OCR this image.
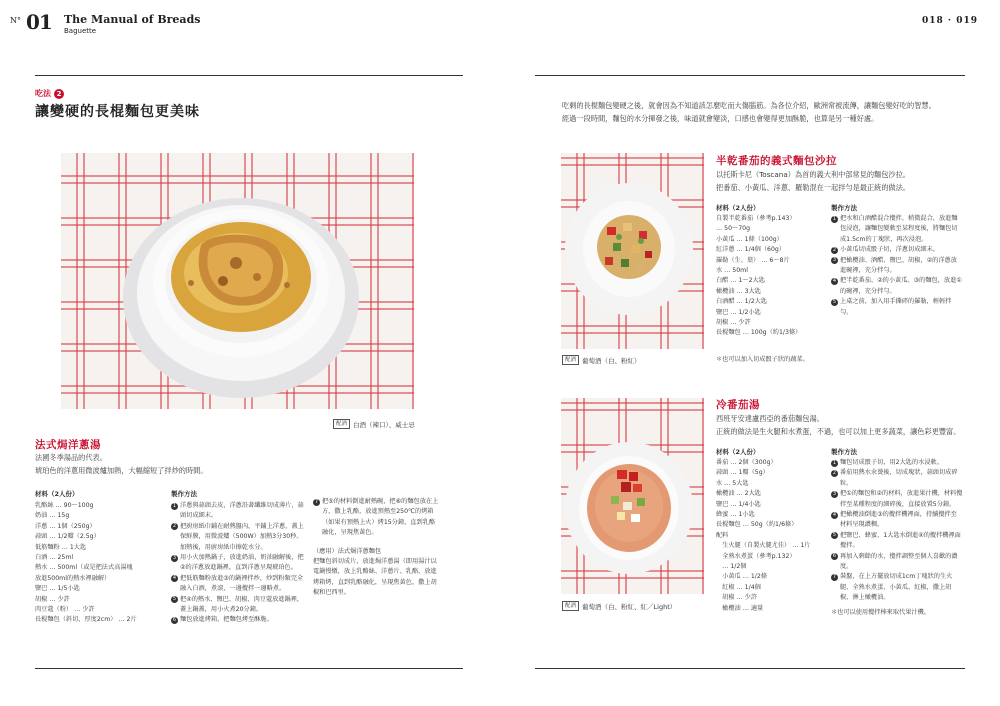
N° 01 The Manual of Breads
Baguette
018 · 019
吃法 2
讓變硬的長棍麵包更美味
配酒 白酒（辣口）、威士忌
法式焗洋蔥湯
法國冬季湯品的代表。
琥珀色的洋蔥用微波爐加熱，大幅縮短了拌炒的時間。
材料（2人份）
乳酪絲 … 90～100g
奶油 … 15g
洋蔥 … 1個（250g）
蒜頭 … 1/2瓣（2.5g）
低筋麵粉 … 1大匙
白酒 … 25ml
熱水 … 500ml（或是把法式高湯塊
放進500ml的熱水裡融解）
鹽巴 … 1/5小匙
胡椒 … 少許
肉豆蔻（粉） … 少許
長棍麵包（斜切、厚度2cm） … 2片
製作方法
1 洋蔥與蒜頭去皮，洋蔥沿著纖維切成薄片，蒜頭切成細末。
2 把廚房紙巾鋪在耐熱盤內，平鋪上洋蔥，蓋上保鮮膜，用微波爐（500W）加熱3分30秒。加熱後，用廚房紙巾擦乾水分。
3 用小火加熱鍋子，放進奶油，奶油融解後，把②的洋蔥放進鍋裡，直到洋蔥呈現琥珀色。
4 把低筋麵粉放進③的鍋裡拌炒，炒到粉類完全融入白酒，煮滾，一邊攪拌一邊略煮。
5 把④的熱水、鹽巴、胡椒、肉豆蔻放進鍋裡，蓋上鍋蓋，用小火煮20分鐘。
6 麵包放進烤箱，把麵包烤至酥脆。
7 把⑤的材料倒進耐熱碗，把⑥的麵包放在上方，撒上乳酪，放進預熱至250℃的烤箱（如果有預熱上火）烤15分鐘，直到乳酪融化，呈現焦黃色。
（應用）法式焗洋蔥麵包
把麵包斜切成片，放進焗洋蔥湯（即用湯汁以電鍋慢燉，放上乳酪絲、洋蔥片、乳酪，放進烤箱烤，直到乳酪融化，呈現焦黃色，撒上胡椒和巴西里。
吃剩的長棍麵包變硬之後，就會因為不知道該怎麼吃而大傷腦筋。為各位介紹，歐洲常被流傳，讓麵包變好吃的智慧。
經過一段時間，麵包的水分揮發之後，味道就會變淡，口感也會變得更加酥脆，也算是另一種好處。
配酒 葡萄酒（白、粉紅）
半乾番茄的義式麵包沙拉
以托斯卡尼（Toscana）為首的義大利中部常見的麵包沙拉。
把番茄、小黃瓜、洋蔥、羅勒混在一起拌勻是最正統的做法。
材料（2人份）
自製半乾番茄（參考p.143）
… 50～70g
小黃瓜 … 1條（100g）
紅洋蔥 … 1/4個（60g）
羅勒（生、葉） … 6～8片
水 … 50ml
白醋 … 1～2大匙
橄欖油 … 3大匙
白酒醋 … 1/2大匙
鹽巴 … 1/2小匙
胡椒 … 少許
長棍麵包 … 100g（約1/3條）
＊也可以加入切成骰子狀的蔬菜。
製作方法
1 把水和白酒醋混合攪拌，稍微混合，放進麵包浸泡，讓麵包變軟至某程度後，將麵包切成1.5cm的丁塊狀，再次浸泡。
2 小黃瓜切成骰子切，洋蔥切成細末。
3 把橄欖油、酒醋、鹽巴、胡椒，②的洋蔥放進碗裡，充分拌勻。
4 把半乾番茄、②的小黃瓜、③的麵包，放進①的碗裡，充分拌勻。
5 上桌之前，加入用手撕碎的羅勒，輕輕拌勻。
配酒 葡萄酒（白、粉紅、紅／Light）
冷番茄湯
西班牙安達盧西亞的番茄麵包湯。
正統的做法是生火腿和水煮蛋，不過，也可以加上更多蔬菜，讓色彩更豐富。
材料（2人份）
番茄 … 2個（300g）
蒜頭 … 1瓣（5g）
水 … 5大匙
橄欖油 … 2大匙
鹽巴 … 1/4小匙
蜂蜜 … 1小匙
長棍麵包 … 50g（約1/6條）
配料
　生火腿（自製火腿尤佳） … 1片
　全熟水煮蛋（參考p.132）
　… 1/2個
　小黃瓜 … 1/2條
　紅椒 … 1/4個
　胡椒 … 少許
　橄欖油 … 適量
製作方法
1 麵包切成骰子切，用2大匙的水浸軟。
2 番茄用熱水氽燙後，切成塊狀，蒜頭切成碎粒。
3 把①的麵包和②的材料，放進果汁機，材料攪拌至某種程度的細碎後，直接放置5分鐘。
4 把橄欖油倒進③的攪拌機裡面，持續攪拌至材料呈現濃稠。
5 把鹽巴、蜂蜜、1大匙水倒進④的攪拌機裡面攪拌。
6 再加入剩餘的水，攪拌調整至個人喜歡的濃度。
7 裝盤，在上方擺放切成1cm丁塊狀的生火腿、全熟水煮蛋、小黃瓜、紅椒，撒上胡椒，淋上橄欖油。
＊也可以使用攪拌棒來取代果汁機。
